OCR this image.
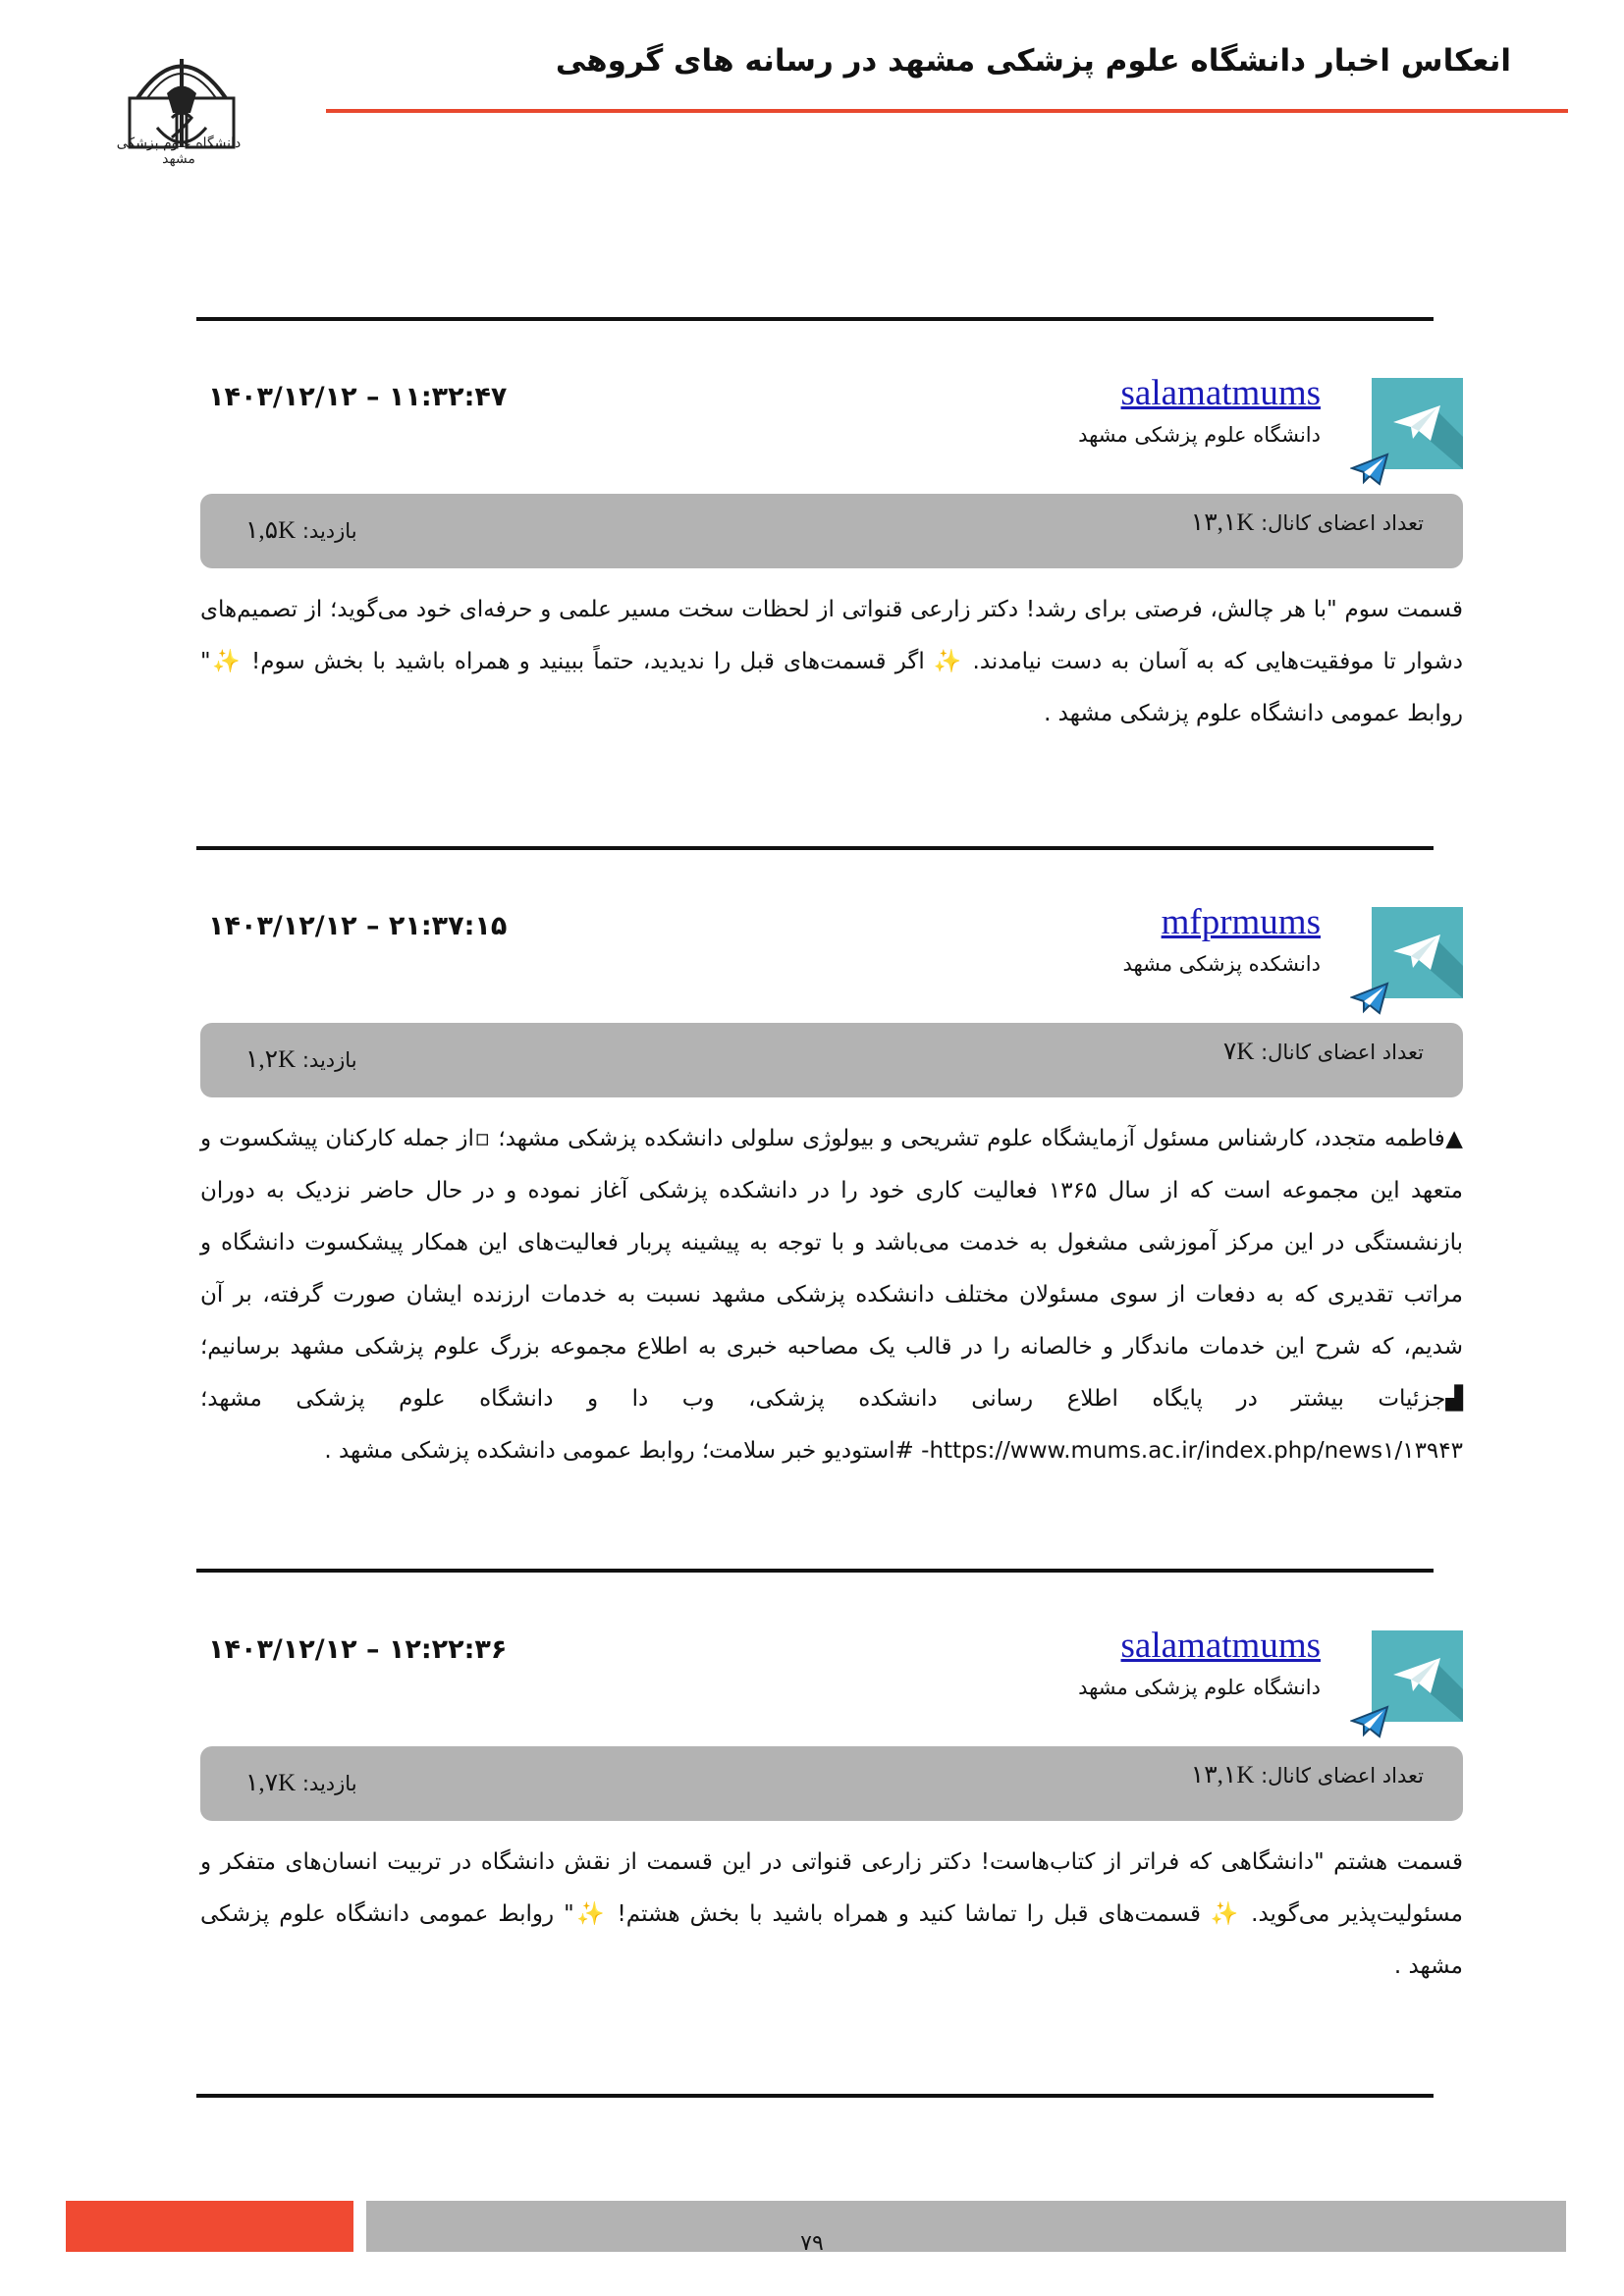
دانشگاه علوم پزشکی مشهد
انعکاس اخبار دانشگاه علوم پزشکی مشهد در رسانه های گروهی
salamatmums
دانشگاه علوم پزشکی مشهد
۱۴۰۳/۱۲/۱۲ – ۱۱:۳۲:۴۷
تعداد اعضای کانال: ۱۳,۱K
بازدید: ۱,۵K
قسمت سوم "با هر چالش، فرصتی برای رشد! دکتر زارعی قنواتی از لحظات سخت مسیر علمی و حرفه‌ای خود می‌گوید؛ از تصمیم‌های دشوار تا موفقیت‌هایی که به آسان به دست نیامدند. ✨ اگر قسمت‌های قبل را ندیدید، حتماً ببینید و همراه باشید با بخش سوم! ✨" روابط عمومی دانشگاه علوم پزشکی مشهد .
mfprmums
دانشکده پزشکی مشهد
۱۴۰۳/۱۲/۱۲ – ۲۱:۳۷:۱۵
تعداد اعضای کانال: ۷K
بازدید: ۱,۲K
▲فاطمه متجدد، کارشناس مسئول آزمایشگاه علوم تشریحی و بیولوژی سلولی دانشکده پزشکی مشهد؛ ▫از جمله کارکنان پیشکسوت و متعهد این مجموعه است که از سال ۱۳۶۵ فعالیت کاری خود را در دانشکده پزشکی آغاز نموده و در حال حاضر نزدیک به دوران بازنشستگی در این مرکز آموزشی مشغول به خدمت می‌باشد و با توجه به پیشینه پربار فعالیت‌های این همکار پیشکسوت دانشگاه و مراتب تقدیری که به دفعات از سوی مسئولان مختلف دانشکده پزشکی مشهد نسبت به خدمات ارزنده ایشان صورت گرفته، بر آن شدیم، که شرح این خدمات ماندگار و خالصانه را در قالب یک مصاحبه خبری به اطلاع مجموعه بزرگ علوم پزشکی مشهد برسانیم؛ ▟جزئیات بیشتر در پایگاه اطلاع رسانی دانشکده پزشکی، وب دا و دانشگاه علوم پزشکی مشهد؛ https://www.mums.ac.ir/index.php/news۱/۱۳۹۴۳- #استودیو خبر سلامت؛ روابط عمومی دانشکده پزشکی مشهد .
salamatmums
دانشگاه علوم پزشکی مشهد
۱۴۰۳/۱۲/۱۲ – ۱۲:۲۲:۳۶
تعداد اعضای کانال: ۱۳,۱K
بازدید: ۱,۷K
قسمت هشتم "دانشگاهی که فراتر از کتاب‌هاست! دکتر زارعی قنواتی در این قسمت از نقش دانشگاه در تربیت انسان‌های متفکر و مسئولیت‌پذیر می‌گوید. ✨ قسمت‌های قبل را تماشا کنید و همراه باشید با بخش هشتم! ✨" روابط عمومی دانشگاه علوم پزشکی مشهد .
۷۹
